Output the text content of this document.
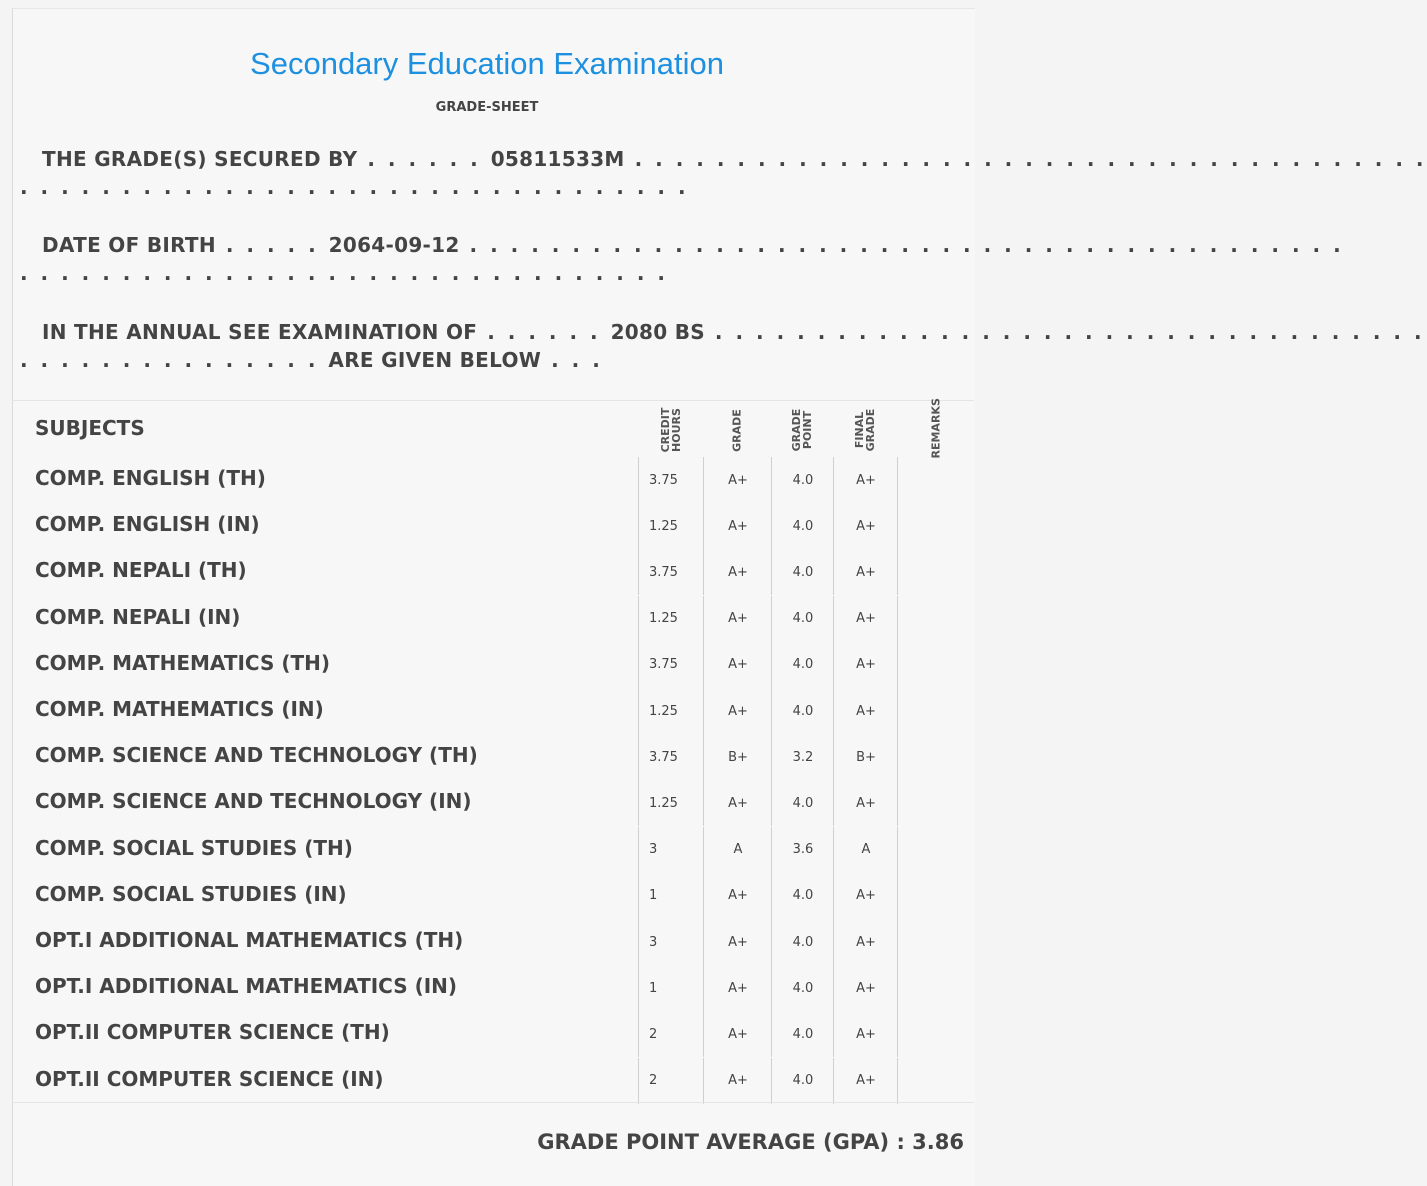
Secondary Education Examination
GRADE-SHEET
THE GRADE(S) SECURED BY . . . . . . 05811533M . . . . . . . . . . . . . . . . . . . . . . . . . . . . . . . . . . . . . . .
. . . . . . . . . . . . . . . . . . . . . . . . . . . . . . . . .
DATE OF BIRTH . . . . . 2064-09-12 . . . . . . . . . . . . . . . . . . . . . . . . . . . . . . . . . . . . . . . . . . .
. . . . . . . . . . . . . . . . . . . . . . . . . . . . . . . .
IN THE ANNUAL SEE EXAMINATION OF . . . . . . 2080 BS . . . . . . . . . . . . . . . . . . . . . . . . . . . . . . . . . . .
. . . . . . . . . . . . . . . ARE GIVEN BELOW . . .
SUBJECTS	CREDIT HOURS	GRADE	GRADE POINT	FINAL GRADE	REMARKS
COMP. ENGLISH (TH)	3.75	A+	4.0	A+
COMP. ENGLISH (IN)	1.25	A+	4.0	A+
COMP. NEPALI (TH)	3.75	A+	4.0	A+
COMP. NEPALI (IN)	1.25	A+	4.0	A+
COMP. MATHEMATICS (TH)	3.75	A+	4.0	A+
COMP. MATHEMATICS (IN)	1.25	A+	4.0	A+
COMP. SCIENCE AND TECHNOLOGY (TH)	3.75	B+	3.2	B+
COMP. SCIENCE AND TECHNOLOGY (IN)	1.25	A+	4.0	A+
COMP. SOCIAL STUDIES (TH)	3	A	3.6	A
COMP. SOCIAL STUDIES (IN)	1	A+	4.0	A+
OPT.I ADDITIONAL MATHEMATICS (TH)	3	A+	4.0	A+
OPT.I ADDITIONAL MATHEMATICS (IN)	1	A+	4.0	A+
OPT.II COMPUTER SCIENCE (TH)	2	A+	4.0	A+
OPT.II COMPUTER SCIENCE (IN)	2	A+	4.0	A+
GRADE POINT AVERAGE (GPA) : 3.86
